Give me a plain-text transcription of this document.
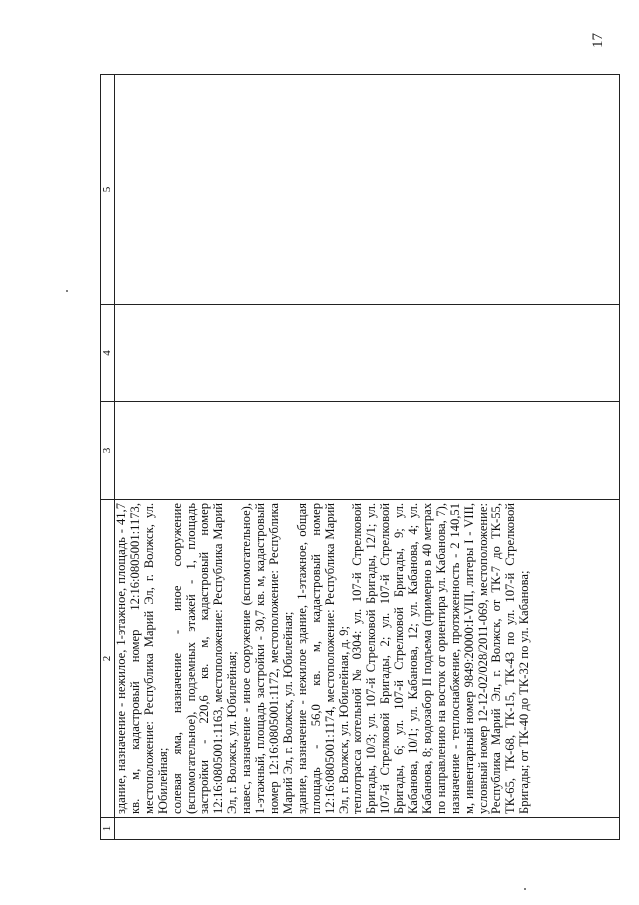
17
1	2	3	4	5

	здание, назначение - нежилое, 1-этажное, площадь - 41,7 кв. м, кадастровый номер 12:16:0805001:1173, местоположение: Республика Марий Эл, г. Волжск, ул. Юбилейная; солевая яма, назначение - иное сооружение (вспомогательное), подземных этажей - 1, площадь застройки - 220,6 кв. м, кадастровый номер 12:16:0805001:1163, местоположение: Республика Марий Эл, г. Волжск, ул. Юбилейная; навес, назначение - иное сооружение (вспомогательное), 1-этажный, площадь застройки - 30,7 кв. м, кадастровый номер 12:16:0805001:1172, местоположение: Республика Марий Эл, г. Волжск, ул. Юбилейная; здание, назначение - нежилое здание, 1-этажное, общая площадь - 56,0 кв. м, кадастровый номер 12:16:0805001:1174, местоположение: Республика Марий Эл, г. Волжск, ул. Юбилейная, д. 9; теплотрасса котельной № 0304: ул. 107-й Стрелковой Бригады, 10/3; ул. 107-й Стрелковой Бригады, 12/1; ул. 107-й Стрелковой Бригады, 2; ул. 107-й Стрелковой Бригады, 6; ул. 107-й Стрелковой Бригады, 9; ул. Кабанова, 10/1; ул. Кабанова, 12; ул. Кабанова, 4; ул. Кабанова, 8; водозабор II подъема (примерно в 40 метрах по направлению на восток от ориентира ул. Кабанова, 7), назначение - теплоснабжение, протяженность - 2 140,51 м, инвентарный номер 9849:20000:I-VIII, литеры I - VIII, условный номер 12-12-02/028/2011-069, местоположение: Республика Марий Эл, г. Волжск, от ТК-7 до ТК-55, ТК-65, ТК-68, ТК-15, ТК-43 по ул. 107-й Стрелковой Бригады; от ТК-40 до ТК-32 по ул. Кабанова;			
